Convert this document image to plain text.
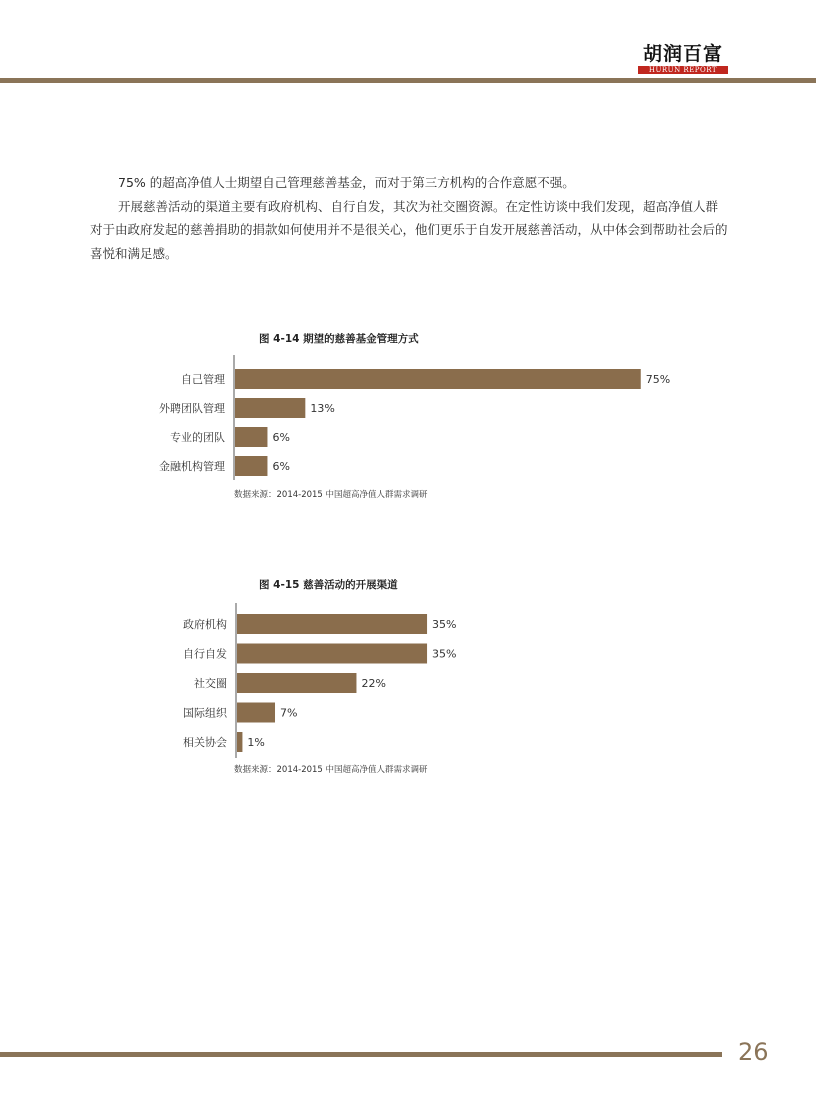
胡润百富
HURUN REPORT

75% 的超高净值人士期望自己管理慈善基金，而对于第三方机构的合作意愿不强。

开展慈善活动的渠道主要有政府机构、自行自发，其次为社交圈资源。在定性访谈中我们发现，超高净值人群对于由政府发起的慈善捐助的捐款如何使用并不是很关心，他们更乐于自发开展慈善活动，从中体会到帮助社会后的喜悦和满足感。

图 4-14 期望的慈善基金管理方式
自己管理	75%
外聘团队管理	13%
专业的团队	6%
金融机构管理	6%
数据来源：2014-2015 中国超高净值人群需求调研
图 4-15 慈善活动的开展渠道
政府机构	35%
自行自发	35%
社交圈	22%
国际组织	7%
相关协会 1%
数据来源：2014-2015 中国超高净值人群需求调研
26
